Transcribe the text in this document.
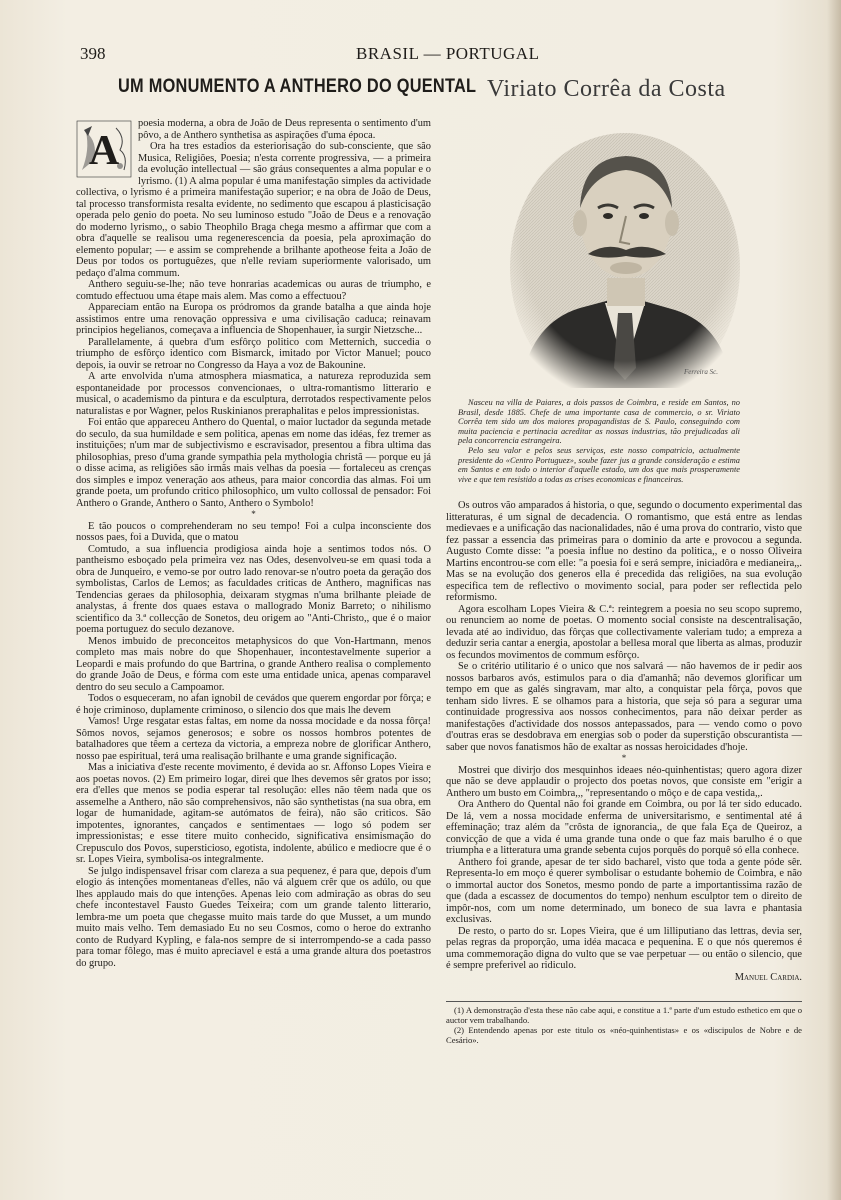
398	BRASIL — PORTUGAL
UM MONUMENTO A ANTHERO DO QUENTAL
A

poesia moderna, a obra de João de Deus representa o sentimento d'um pôvo, a de Anthero synthetisa as aspirações d'uma época.

Ora ha tres estadios da esteriorisação do sub-consciente, que são Musica, Religiões, Poesia; n'esta corrente progressiva, — a primeira da evolução intellectual — são gráus consequentes a alma popular e o lyrismo. (1) A alma popular é uma manifestação simples da actividade collectiva, o lyrismo é a primeira manifestação superior; e na obra de João de Deus, tal processo transformista resalta evidente, no sedimento que escapou á plasticisação operada pelo genio do poeta. No seu luminoso estudo "João de Deus e a renovação do moderno lyrismo,, o sabio Theophilo Braga chega mesmo a affirmar que com a obra d'aquelle se realisou uma regenerescencia da poesia, pela aproximação do elemento popular; — e assim se comprehende a brilhante apotheose feita a João de Deus por todos os portuguêzes, que n'elle reviam superiormente valorisado, um pedaço d'alma commum.

Anthero seguiu-se-lhe; não teve honrarias academicas ou auras de triumpho, e comtudo effectuou uma étape mais alem. Mas como a effectuou?

Appareciam então na Europa os pródromos da grande batalha a que ainda hoje assistimos entre uma renovação oppressiva e uma civilisação caduca; reinavam principios hegelianos, começava a influencia de Shopenhauer, ia surgir Nietzsche...

Parallelamente, á quebra d'um esfôrço politico com Metternich, succedia o triumpho de esfôrço identico com Bismarck, imitado por Victor Manuel; pouco depois, ia ouvir se retroar no Congresso da Haya a voz de Bakounine.

A arte envolvida n'uma atmosphera miasmatica, a natureza reproduzida sem espontaneidade por processos convencionaes, o ultra-romantismo litterario e musical, o academismo da pintura e da esculptura, derrotados respectivamente pelos naturalistas e por Wagner, pelos Ruskinianos preraphalitas e pelos impressionistas.

Foi então que appareceu Anthero do Quental, o maior luctador da segunda metade do seculo, da sua humildade e sem politica, apenas em nome das idéas, fez tremer as instituições; n'um mar de subjectivismo e escravisador, presentou a fibra ultima das philosophias, preso d'uma grande sympathia pela mythologia christã — porque eu já o disse acima, as religiões são irmãs mais velhas da poesia — fortaleceu as crenças dos simples e impoz veneração aos atheus, para maior concordia das almas. Foi um grande poeta, um profundo critico philosophico, um vulto collossal de pensador: Foi Anthero o Grande, Anthero o Santo, Anthero o Symbolo!

*

E tão poucos o comprehenderam no seu tempo! Foi a culpa inconsciente dos nossos paes, foi a Duvida, que o matou

Comtudo, a sua influencia prodigiosa ainda hoje a sentimos todos nós. O pantheismo esboçado pela primeira vez nas Odes, desenvolveu-se em quasi toda a obra de Junqueiro, e vemo-se por outro lado renovar-se n'outro poeta da geração dos symbolistas, Carlos de Lemos; as faculdades criticas de Anthero, magnificas nas Tendencias geraes da philosophia, deixaram stygmas n'uma brilhante pleiade de analystas, á frente dos quaes estava o mallogrado Moniz Barreto; o nihilismo scientifico da 3.ª collecção de Sonetos, deu origem ao "Anti-Christo,, que é o maior poema portuguez do seculo dezanove.

Menos imbuido de preconceitos metaphysicos do que Von-Hartmann, menos completo mas mais nobre do que Shopenhauer, incontestavelmente superior a Leopardi e mais profundo do que Bartrina, o grande Anthero realisa o complemento do grande João de Deus, e fórma com este uma entidade unica, apenas comparavel dentro do seu seculo a Campoamor.

Todos o esqueceram, no afan ignobil de cevádos que querem engordar por fôrça; e é hoje criminoso, duplamente criminoso, o silencio dos que mais lhe devem

Vamos! Urge resgatar estas faltas, em nome da nossa mocidade e da nossa fôrça! Sômos novos, sejamos generosos; e sobre os nossos hombros potentes de batalhadores que têem a certeza da victoria, a empreza nobre de glorificar Anthero, nosso pae espiritual, terá uma realisação brilhante e uma grande significação.

Mas a iniciativa d'este recente movimento, é devida ao sr. Affonso Lopes Vieira e aos poetas novos. (2) Em primeiro logar, direi que lhes devemos sêr gratos por isso; era d'elles que menos se podia esperar tal resolução: elles não têem nada que os assemelhe a Anthero, não são comprehensivos, não são synthetistas (na sua obra, em logar de humanidade, agitam-se autómatos de feira), não são criticos. São impotentes, ignorantes, cançados e sentimentaes — logo só podem ser impressionistas; e esse titere muito conhecido, significativa ensimismação do Crepusculo dos Povos, supersticioso, egotista, indolente, abúlico e mediocre que é o sr. Lopes Vieira, symbolisa-os integralmente.

Se julgo indispensavel frisar com clareza a sua pequenez, é para que, depois d'um elogio ás intenções momentaneas d'elles, não vá alguem crêr que os adúlo, ou que lhes applaudo mais do que intenções. Apenas leio com admiração as obras do seu chefe incontestavel Fausto Guedes Teixeira; com um grande talento litterario, lembra-me um poeta que chegasse muito mais tarde do que Musset, a um mundo muito mais velho. Tem demasiado Eu no seu Cosmos, como o heroe do extranho conto de Rudyard Kypling, e fala-nos sempre de si interrompendo-se a cada passo para tomar fôlego, mas é muito apreciavel e está a uma grande altura dos poetastros do grupo.

Viriato Corrêa da Costa
Ferreira Sc.

Nasceu na villa de Paiares, a dois passos de Coimbra, e reside em Santos, no Brasil, desde 1885. Chefe de uma importante casa de commercio, o sr. Viriato Corrêa tem sido um dos maiores propagandistas de S. Paulo, conseguindo com muita paciencia e pertinacia acreditar as nossas industrias, tão prejudicadas ali pela concorrencia estrangeira.

Pelo seu valor e pelos seus serviços, este nosso compatricio, actualmente presidente do «Centro Portuguez», soube fazer jus a grande consideração e estima em Santos e em todo o interior d'aquelle estado, um dos que mais prosperamente vive e que tem resistido a todas as crises economicas e financeiras.

Os outros vão amparados á historia, o que, segundo o documento experimental das litteraturas, é um signal de decadencia. O romantismo, que está entre as lendas medievaes e a unificação das nacionalidades, não é uma prova do contrario, visto que fez passar a essencia das primeiras para o dominio da arte e provocou a segunda. Augusto Comte disse: "a poesia influe no destino da politica,, e o nosso Oliveira Martins encontrou-se com elle: "a poesia foi e será sempre, iniciadôra e medianeira,,. Mas se na evolução dos generos ella é precedida das religiões, na sua evolução especifica tem de reflectivo o movimento social, para poder ser reflectida pelo reformismo.

Agora escolham Lopes Vieira & C.ª: reintegrem a poesia no seu scopo supremo, ou renunciem ao nome de poetas. O momento social consiste na descentralisação, levada até ao individuo, das fôrças que collectivamente valeriam tudo; a empreza a deduzir seria cantar a energia, apostolar a bellesa moral que liberta as almas, produzir os fecundos movimentos de commum esfôrço.

Se o critério utilitario é o unico que nos salvará — não havemos de ir pedir aos nossos barbaros avós, estimulos para o dia d'amanhã; não devemos glorificar um tempo em que as galés singravam, mar alto, a conquistar pela fôrça, povos que tenham sido livres. E se olhamos para a historia, que seja só para a segurar uma continuidade progressiva aos nossos conhecimentos, para não deixar perder as manifestações d'actividade dos nossos antepassados, para — vendo como o povo d'outras eras se desdobrava em energias sob o poder da superstição obscurantista — saber que novos fanatismos hão de exaltar as nossas heroicidades d'hoje.

*

Mostrei que divirjo dos mesquinhos ideaes néo-quinhentistas; quero agora dizer que não se deve applaudir o projecto dos poetas novos, que consiste em "erigir a Anthero um busto em Coimbra,,, "representando o môço e de capa vestida,,.

Ora Anthero do Quental não foi grande em Coimbra, ou por lá ter sido educado. De lá, vem a nossa mocidade enferma de universitarismo, e sentimental até á effeminação; traz além da "crôsta de ignorancia,, de que fala Eça de Queiroz, a convicção de que a vida é uma grande tuna onde o que faz mais barulho é o que triumpha e a litteratura uma grande sebenta cujos porquês do porquê só ella conhece.

Anthero foi grande, apesar de ter sido bacharel, visto que toda a gente póde sêr. Representa-lo em moço é querer symbolisar o estudante bohemio de Coimbra, e não o immortal auctor dos Sonetos, mesmo pondo de parte a importantissima razão de que (dada a escassez de documentos do tempo) nenhum esculptor tem o direito de impôr-nos, com um nome determinado, um boneco de sua lavra e phantasia exclusivas.

De resto, o parto do sr. Lopes Vieira, que é um lilliputiano das lettras, devia ser, pelas regras da proporção, uma idéa macaca e pequenina. E o que nós queremos é uma commemoração digna do vulto que se vae perpetuar — ou então o silencio, que é sempre preferivel ao ridiculo.

Manuel Cardia.

(1) A demonstração d'esta these não cabe aqui, e constitue a 1.ª parte d'um estudo esthetico em que o auctor vem trabalhando.

(2) Entendendo apenas por este titulo os «néo-quinhentistas» e os «discipulos de Nobre e de Cesário».
